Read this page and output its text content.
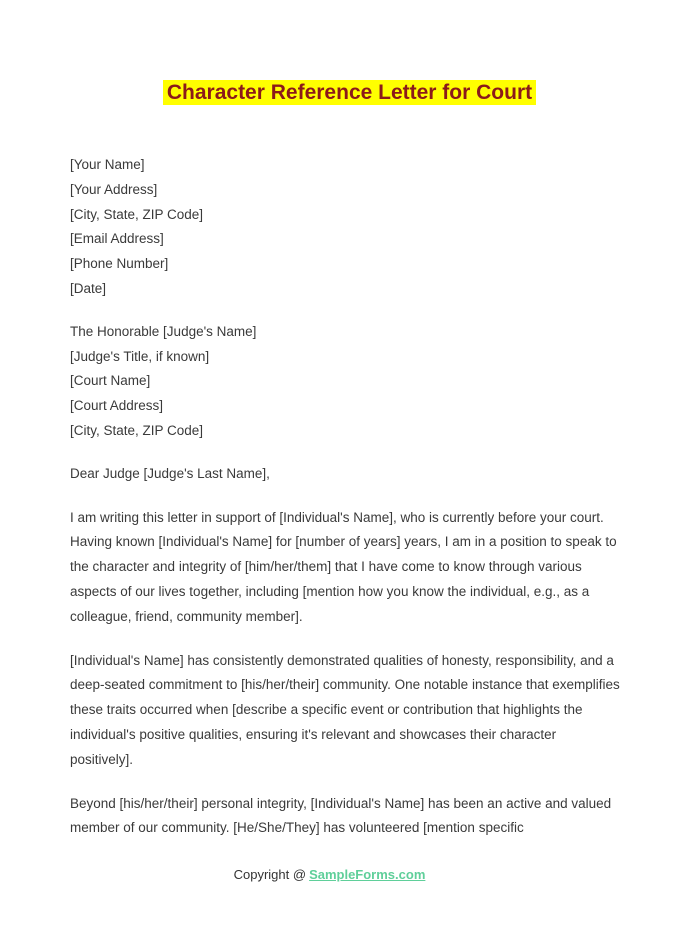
Character Reference Letter for Court
[Your Name]
[Your Address]
[City, State, ZIP Code]
[Email Address]
[Phone Number]
[Date]
The Honorable [Judge's Name]
[Judge's Title, if known]
[Court Name]
[Court Address]
[City, State, ZIP Code]

Dear Judge [Judge's Last Name],

I am writing this letter in support of [Individual's Name], who is currently before your court. Having known [Individual's Name] for [number of years] years, I am in a position to speak to the character and integrity of [him/her/them] that I have come to know through various aspects of our lives together, including [mention how you know the individual, e.g., as a colleague, friend, community member].

[Individual's Name] has consistently demonstrated qualities of honesty, responsibility, and a deep-seated commitment to [his/her/their] community. One notable instance that exemplifies these traits occurred when [describe a specific event or contribution that highlights the individual's positive qualities, ensuring it's relevant and showcases their character positively].

Beyond [his/her/their] personal integrity, [Individual's Name] has been an active and valued member of our community. [He/She/They] has volunteered [mention specific

Copyright @ SampleForms.com
